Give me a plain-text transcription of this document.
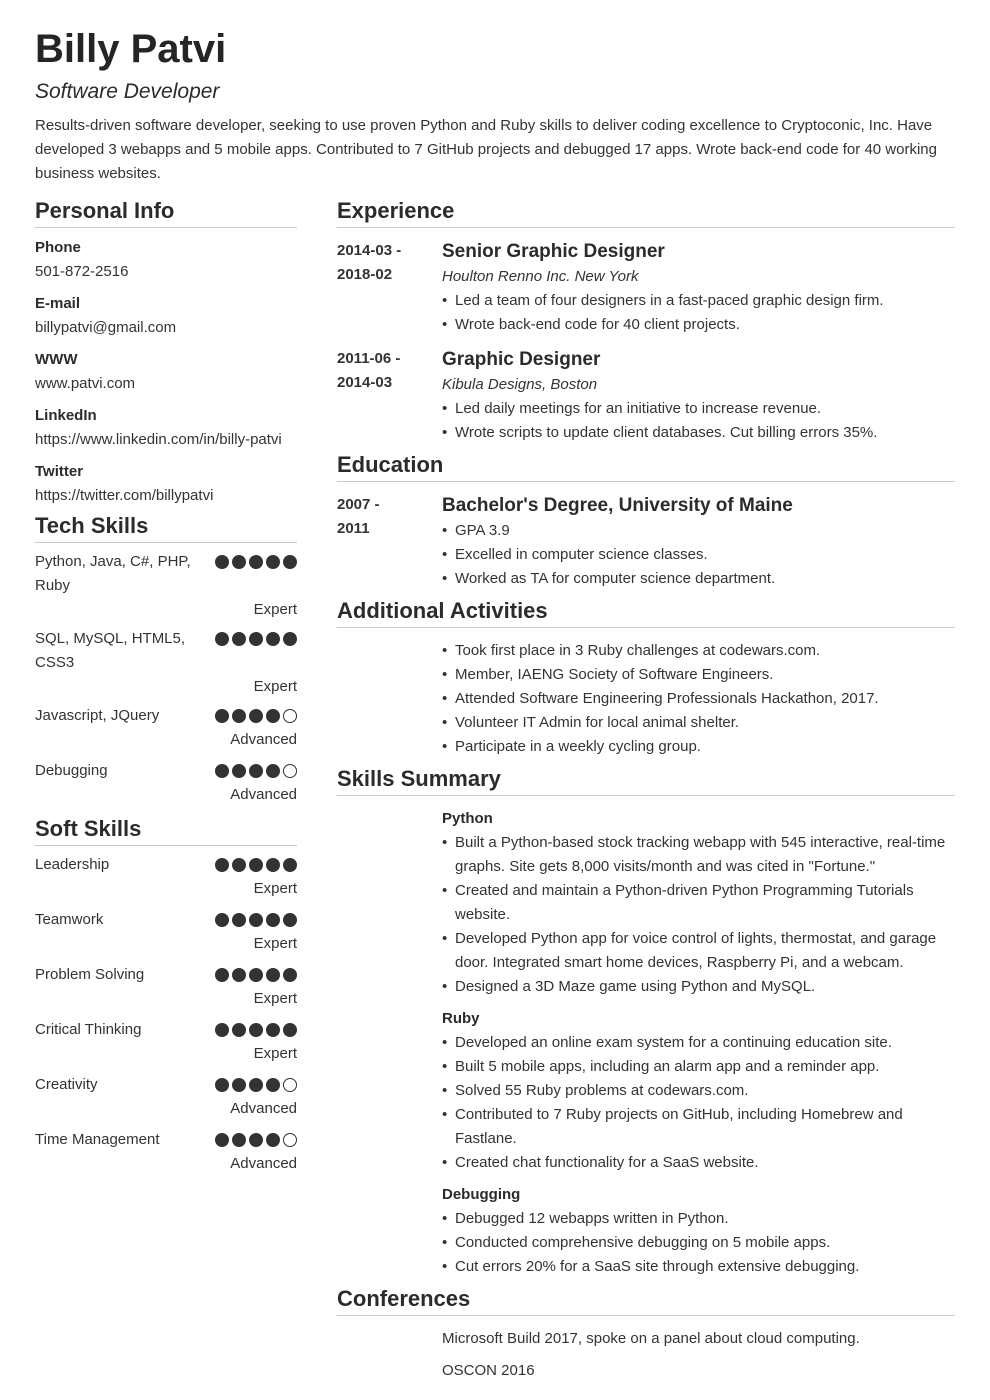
Billy Patvi
Software Developer
Results-driven software developer, seeking to use proven Python and Ruby skills to deliver coding excellence to Cryptoconic, Inc. Have developed 3 webapps and 5 mobile apps. Contributed to 7 GitHub projects and debugged 17 apps. Wrote back-end code for 40 working business websites.
Personal Info
Phone
501-872-2516
E-mail
billypatvi@gmail.com
WWW
www.patvi.com
LinkedIn
https://www.linkedin.com/in/billy-patvi
Twitter
https://twitter.com/billypatvi
Tech Skills
Python, Java, C#, PHP, Ruby
Expert
SQL, MySQL, HTML5, CSS3
Expert
Javascript, JQuery
Advanced
Debugging
Advanced
Soft Skills
Leadership
Expert
Teamwork
Expert
Problem Solving
Expert
Critical Thinking
Expert
Creativity
Advanced
Time Management
Advanced
Experience
2014-03 -
2018-02
Senior Graphic Designer
Houlton Renno Inc. New York
• Led a team of four designers in a fast-paced graphic design firm.
• Wrote back-end code for 40 client projects.
2011-06 -
2014-03
Graphic Designer
Kibula Designs, Boston
• Led daily meetings for an initiative to increase revenue.
• Wrote scripts to update client databases. Cut billing errors 35%.
Education
2007 -
2011
Bachelor's Degree, University of Maine
• GPA 3.9
• Excelled in computer science classes.
• Worked as TA for computer science department.
Additional Activities
• Took first place in 3 Ruby challenges at codewars.com.
• Member, IAENG Society of Software Engineers.
• Attended Software Engineering Professionals Hackathon, 2017.
• Volunteer IT Admin for local animal shelter.
• Participate in a weekly cycling group.
Skills Summary
Python
• Built a Python-based stock tracking webapp with 545 interactive, real-time graphs. Site gets 8,000 visits/month and was cited in "Fortune."
• Created and maintain a Python-driven Python Programming Tutorials website.
• Developed Python app for voice control of lights, thermostat, and garage door. Integrated smart home devices, Raspberry Pi, and a webcam.
• Designed a 3D Maze game using Python and MySQL.
Ruby
• Developed an online exam system for a continuing education site.
• Built 5 mobile apps, including an alarm app and a reminder app.
• Solved 55 Ruby problems at codewars.com.
• Contributed to 7 Ruby projects on GitHub, including Homebrew and Fastlane.
• Created chat functionality for a SaaS website.
Debugging
• Debugged 12 webapps written in Python.
• Conducted comprehensive debugging on 5 mobile apps.
• Cut errors 20% for a SaaS site through extensive debugging.
Conferences
Microsoft Build 2017, spoke on a panel about cloud computing.
OSCON 2016
